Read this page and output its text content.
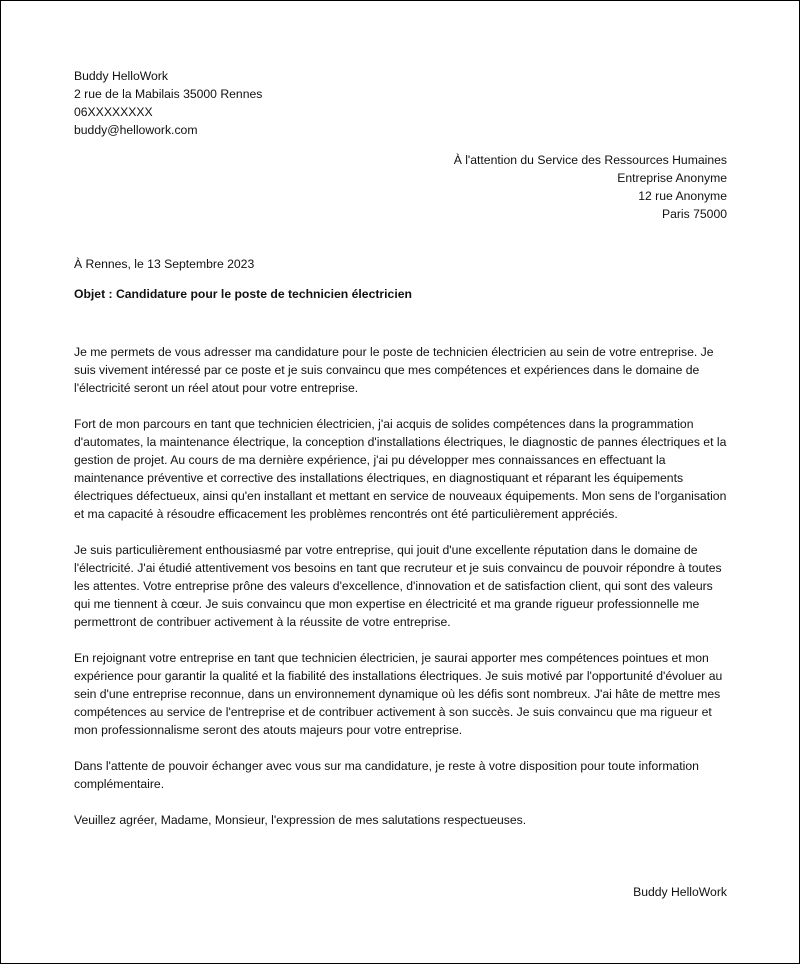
Buddy HelloWork
2 rue de la Mabilais 35000 Rennes
06XXXXXXXX
buddy@hellowork.com
À l'attention du Service des Ressources Humaines
Entreprise Anonyme
12 rue Anonyme
Paris 75000
À Rennes, le 13 Septembre 2023
Objet : Candidature pour le poste de technicien électricien

Je me permets de vous adresser ma candidature pour le poste de technicien électricien au sein de votre entreprise. Je suis vivement intéressé par ce poste et je suis convaincu que mes compétences et expériences dans le domaine de l'électricité seront un réel atout pour votre entreprise.

Fort de mon parcours en tant que technicien électricien, j'ai acquis de solides compétences dans la programmation d'automates, la maintenance électrique, la conception d'installations électriques, le diagnostic de pannes électriques et la gestion de projet. Au cours de ma dernière expérience, j'ai pu développer mes connaissances en effectuant la maintenance préventive et corrective des installations électriques, en diagnostiquant et réparant les équipements électriques défectueux, ainsi qu'en installant et mettant en service de nouveaux équipements. Mon sens de l'organisation et ma capacité à résoudre efficacement les problèmes rencontrés ont été particulièrement appréciés.

Je suis particulièrement enthousiasmé par votre entreprise, qui jouit d'une excellente réputation dans le domaine de l'électricité. J'ai étudié attentivement vos besoins en tant que recruteur et je suis convaincu de pouvoir répondre à toutes les attentes. Votre entreprise prône des valeurs d'excellence, d'innovation et de satisfaction client, qui sont des valeurs qui me tiennent à cœur. Je suis convaincu que mon expertise en électricité et ma grande rigueur professionnelle me permettront de contribuer activement à la réussite de votre entreprise.

En rejoignant votre entreprise en tant que technicien électricien, je saurai apporter mes compétences pointues et mon expérience pour garantir la qualité et la fiabilité des installations électriques. Je suis motivé par l'opportunité d'évoluer au sein d'une entreprise reconnue, dans un environnement dynamique où les défis sont nombreux. J'ai hâte de mettre mes compétences au service de l'entreprise et de contribuer activement à son succès. Je suis convaincu que ma rigueur et mon professionnalisme seront des atouts majeurs pour votre entreprise.

Dans l'attente de pouvoir échanger avec vous sur ma candidature, je reste à votre disposition pour toute information complémentaire.

Veuillez agréer, Madame, Monsieur, l'expression de mes salutations respectueuses.

Buddy HelloWork
